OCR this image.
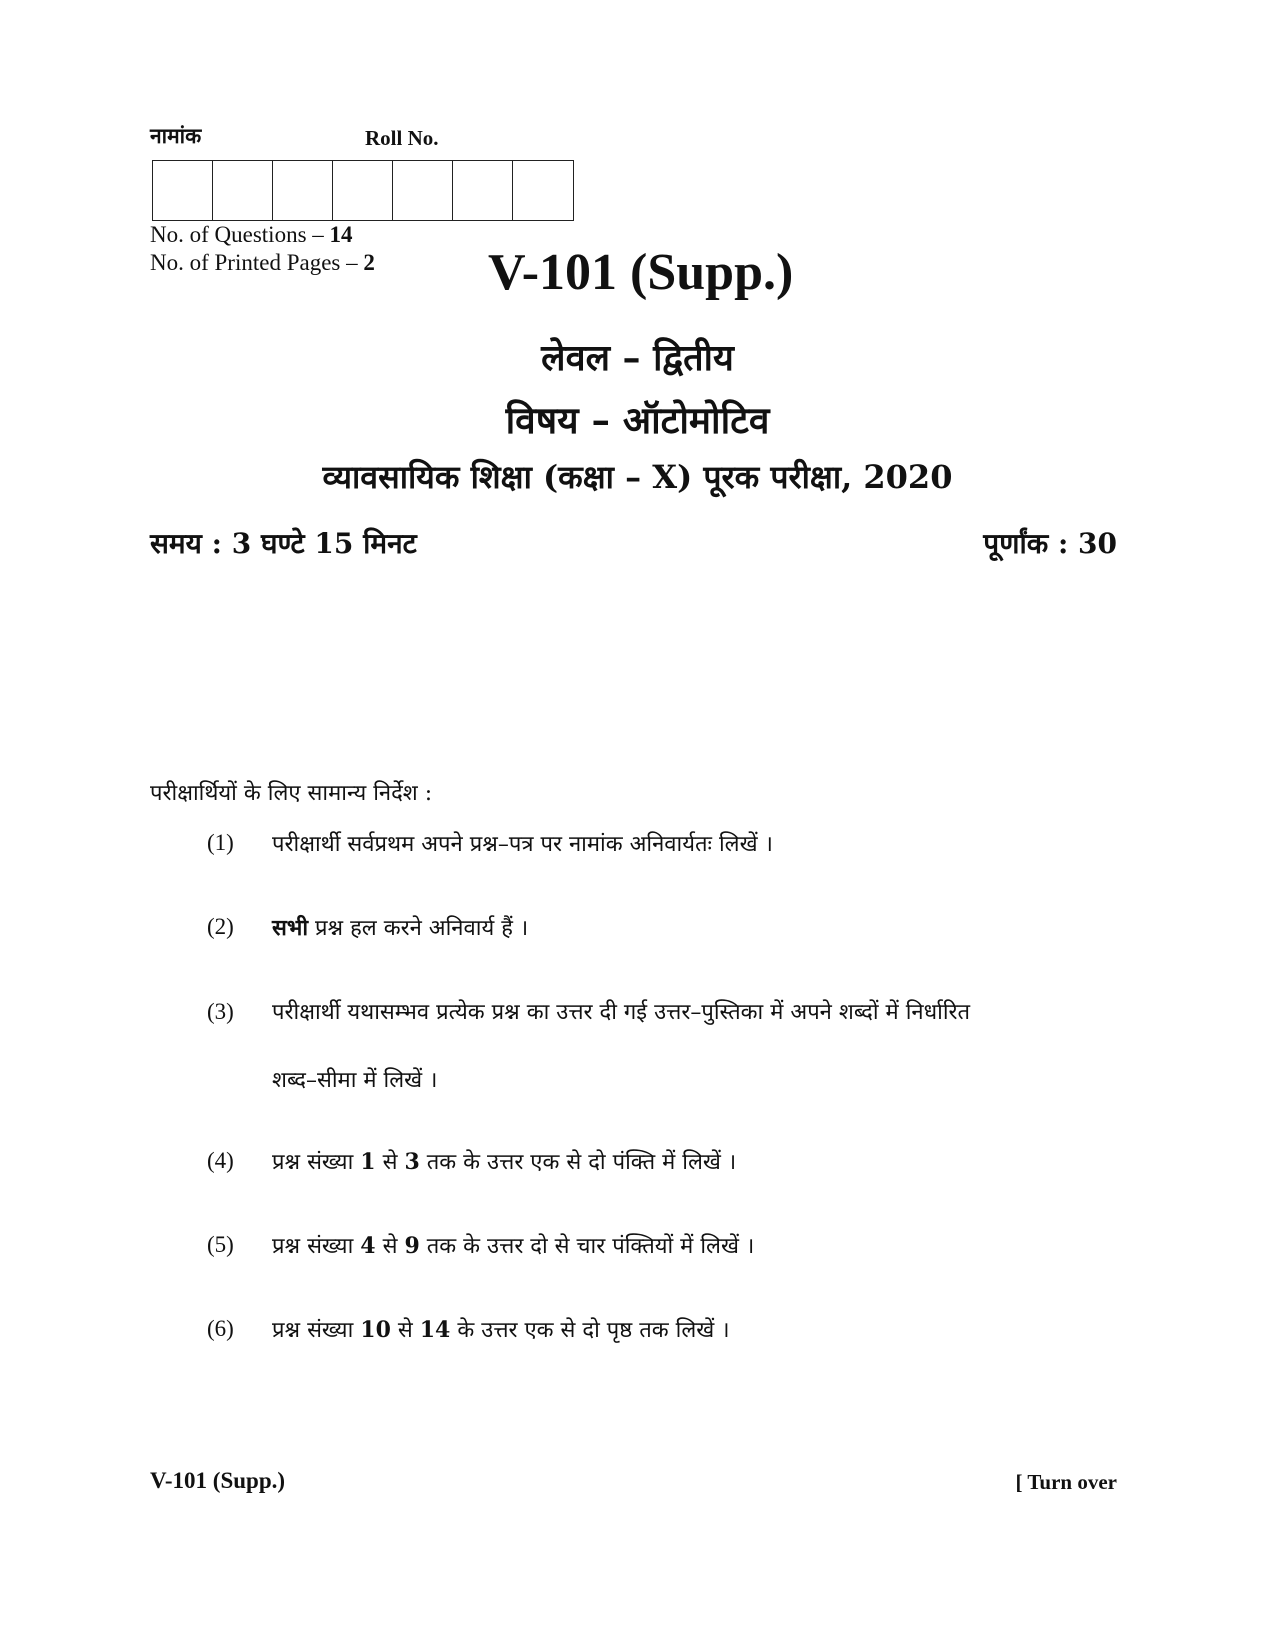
नामांक	Roll No.
No. of Questions – 14
No. of Printed Pages – 2 V-101 (Supp.)
लेवल – द्वितीय
विषय – ऑटोमोटिव
व्यावसायिक शिक्षा (कक्षा – X) पूरक परीक्षा, 2020
समय : 3 घण्टे 15 मिनट	पूर्णांक : 30
परीक्षार्थियों के लिए सामान्य निर्देश :
(1) परीक्षार्थी सर्वप्रथम अपने प्रश्न–पत्र पर नामांक अनिवार्यतः लिखें ।
(2) सभी प्रश्न हल करने अनिवार्य हैं ।
(3) परीक्षार्थी यथासम्भव प्रत्येक प्रश्न का उत्तर दी गई उत्तर–पुस्तिका में अपने शब्दों में निर्धारित
शब्द–सीमा में लिखें ।
(4) प्रश्न संख्या 1 से 3 तक के उत्तर एक से दो पंक्ति में लिखें ।
(5) प्रश्न संख्या 4 से 9 तक के उत्तर दो से चार पंक्तियों में लिखें ।
(6) प्रश्न संख्या 10 से 14 के उत्तर एक से दो पृष्ठ तक लिखें ।
V-101 (Supp.)	[ Turn over
